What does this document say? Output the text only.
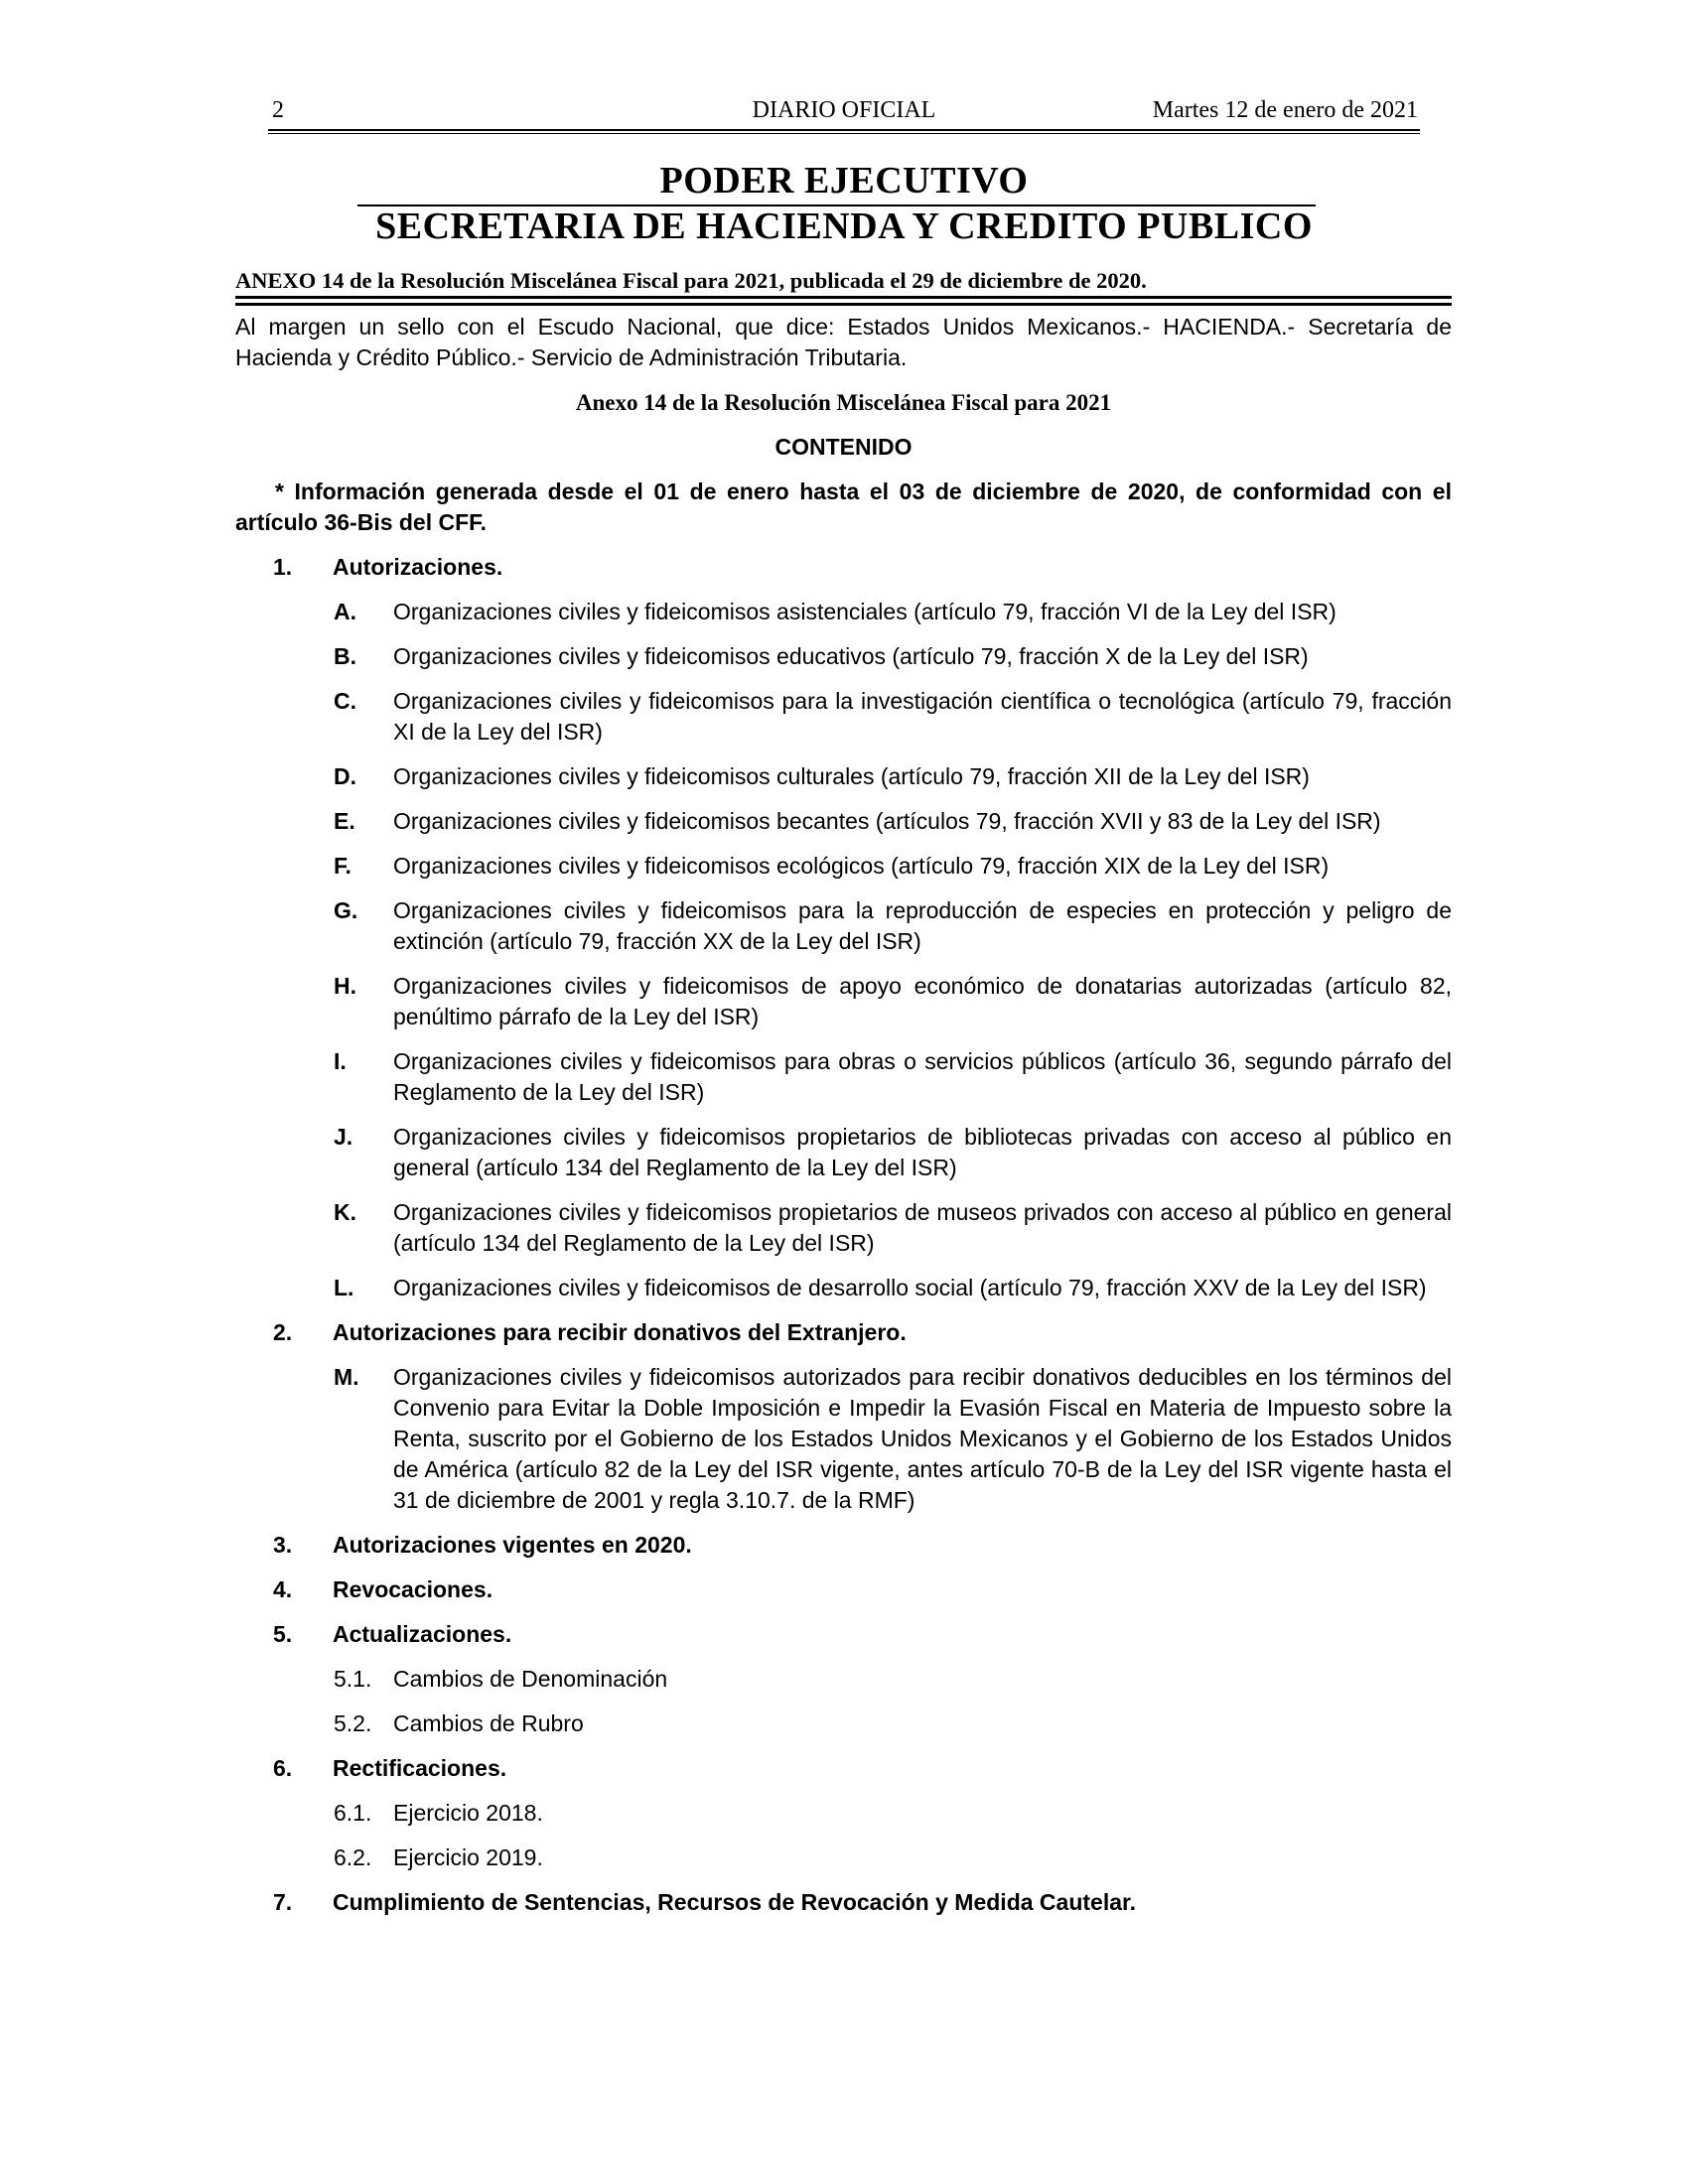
2	DIARIO OFICIAL	Martes 12 de enero de 2021
PODER EJECUTIVO
SECRETARIA DE HACIENDA Y CREDITO PUBLICO
ANEXO 14 de la Resolución Miscelánea Fiscal para 2021, publicada el 29 de diciembre de 2020.

Al margen un sello con el Escudo Nacional, que dice: Estados Unidos Mexicanos.- HACIENDA.- Secretaría de Hacienda y Crédito Público.- Servicio de Administración Tributaria.

Anexo 14 de la Resolución Miscelánea Fiscal para 2021
CONTENIDO
* Información generada desde el 01 de enero hasta el 03 de diciembre de 2020, de conformidad con el artículo 36-Bis del CFF.
1. Autorizaciones.
A. Organizaciones civiles y fideicomisos asistenciales (artículo 79, fracción VI de la Ley del ISR)
B. Organizaciones civiles y fideicomisos educativos (artículo 79, fracción X de la Ley del ISR)
C. Organizaciones civiles y fideicomisos para la investigación científica o tecnológica (artículo 79, fracción XI de la Ley del ISR)
D. Organizaciones civiles y fideicomisos culturales (artículo 79, fracción XII de la Ley del ISR)
E. Organizaciones civiles y fideicomisos becantes (artículos 79, fracción XVII y 83 de la Ley del ISR)
F. Organizaciones civiles y fideicomisos ecológicos (artículo 79, fracción XIX de la Ley del ISR)
G. Organizaciones civiles y fideicomisos para la reproducción de especies en protección y peligro de extinción (artículo 79, fracción XX de la Ley del ISR)
H. Organizaciones civiles y fideicomisos de apoyo económico de donatarias autorizadas (artículo 82, penúltimo párrafo de la Ley del ISR)
I. Organizaciones civiles y fideicomisos para obras o servicios públicos (artículo 36, segundo párrafo del Reglamento de la Ley del ISR)
J. Organizaciones civiles y fideicomisos propietarios de bibliotecas privadas con acceso al público en general (artículo 134 del Reglamento de la Ley del ISR)
K. Organizaciones civiles y fideicomisos propietarios de museos privados con acceso al público en general (artículo 134 del Reglamento de la Ley del ISR)
L. Organizaciones civiles y fideicomisos de desarrollo social (artículo 79, fracción XXV de la Ley del ISR)
2. Autorizaciones para recibir donativos del Extranjero.
M. Organizaciones civiles y fideicomisos autorizados para recibir donativos deducibles en los términos del Convenio para Evitar la Doble Imposición e Impedir la Evasión Fiscal en Materia de Impuesto sobre la Renta, suscrito por el Gobierno de los Estados Unidos Mexicanos y el Gobierno de los Estados Unidos de América (artículo 82 de la Ley del ISR vigente, antes artículo 70-B de la Ley del ISR vigente hasta el 31 de diciembre de 2001 y regla 3.10.7. de la RMF)
3. Autorizaciones vigentes en 2020.
4. Revocaciones.
5. Actualizaciones.
5.1. Cambios de Denominación
5.2. Cambios de Rubro
6. Rectificaciones.
6.1. Ejercicio 2018.
6.2. Ejercicio 2019.
7. Cumplimiento de Sentencias, Recursos de Revocación y Medida Cautelar.
